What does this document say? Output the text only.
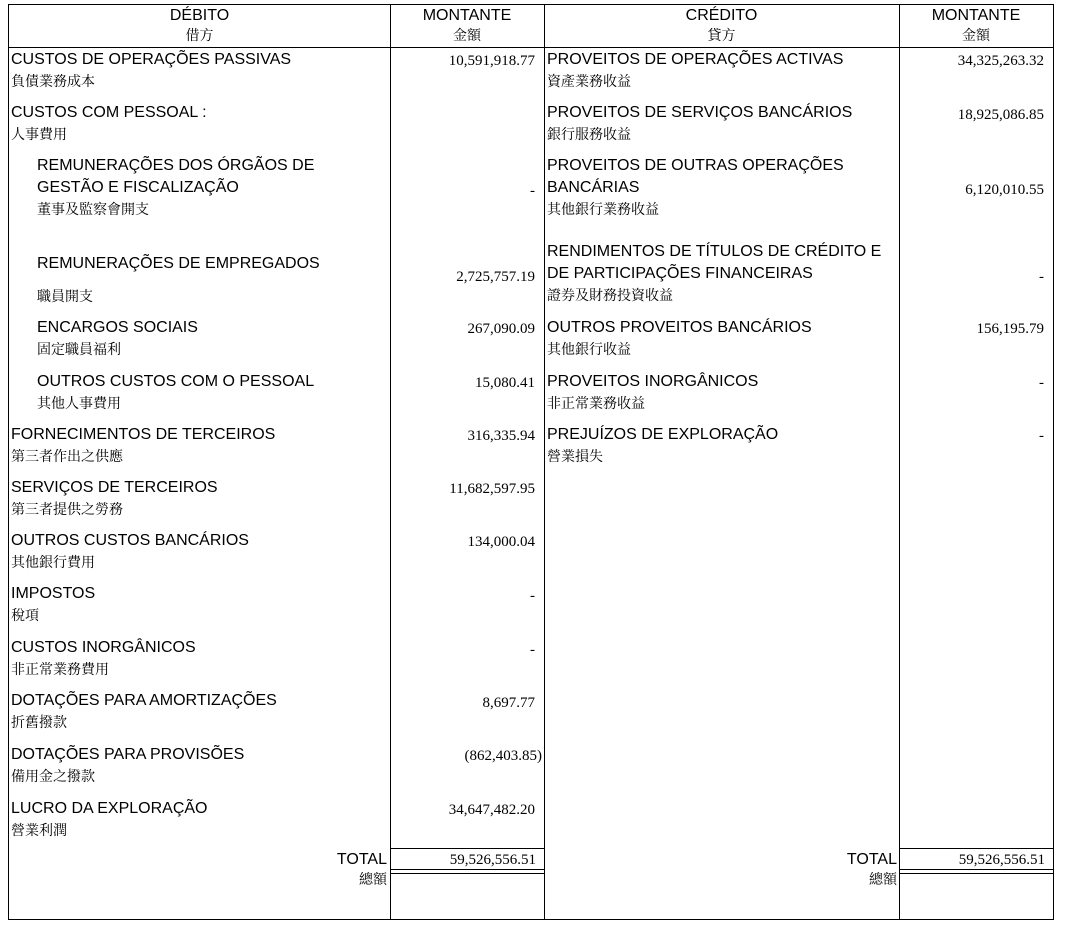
DÉBITO
借方
MONTANTE
金額
CRÉDITO
貸方
MONTANTE
金額
CUSTOS DE OPERAÇÕES PASSIVAS
負債業務成本
10,591,918.77
CUSTOS COM PESSOAL :
人事費用
REMUNERAÇÕES DOS ÓRGÃOS DE
GESTÃO E FISCALIZAÇÃO
董事及監察會開支
-
REMUNERAÇÕES DE EMPREGADOS
職員開支
2,725,757.19
ENCARGOS SOCIAIS
固定職員福利
267,090.09
OUTROS CUSTOS COM O PESSOAL
其他人事費用
15,080.41
FORNECIMENTOS DE TERCEIROS
第三者作出之供應
316,335.94
SERVIÇOS DE TERCEIROS
第三者提供之勞務
11,682,597.95
OUTROS CUSTOS BANCÁRIOS
其他銀行費用
134,000.04
IMPOSTOS
稅項
-
CUSTOS INORGÂNICOS
非正常業務費用
-
DOTAÇÕES PARA AMORTIZAÇÕES
折舊撥款
8,697.77
DOTAÇÕES PARA PROVISÕES
備用金之撥款
(862,403.85)
LUCRO DA EXPLORAÇÃO
營業利潤
34,647,482.20
PROVEITOS DE OPERAÇÕES ACTIVAS
資產業務收益
34,325,263.32
PROVEITOS DE SERVIÇOS BANCÁRIOS
銀行服務收益
18,925,086.85
PROVEITOS DE OUTRAS OPERAÇÕES
BANCÁRIAS
其他銀行業務收益
6,120,010.55
RENDIMENTOS DE TÍTULOS DE CRÉDITO E
DE PARTICIPAÇÕES FINANCEIRAS
證券及財務投資收益
-
OUTROS PROVEITOS BANCÁRIOS
其他銀行收益
156,195.79
PROVEITOS INORGÂNICOS
非正常業務收益
-
PREJUÍZOS DE EXPLORAÇÃO
營業損失
-
TOTAL
總額
59,526,556.51	TOTAL
總額
59,526,556.51
